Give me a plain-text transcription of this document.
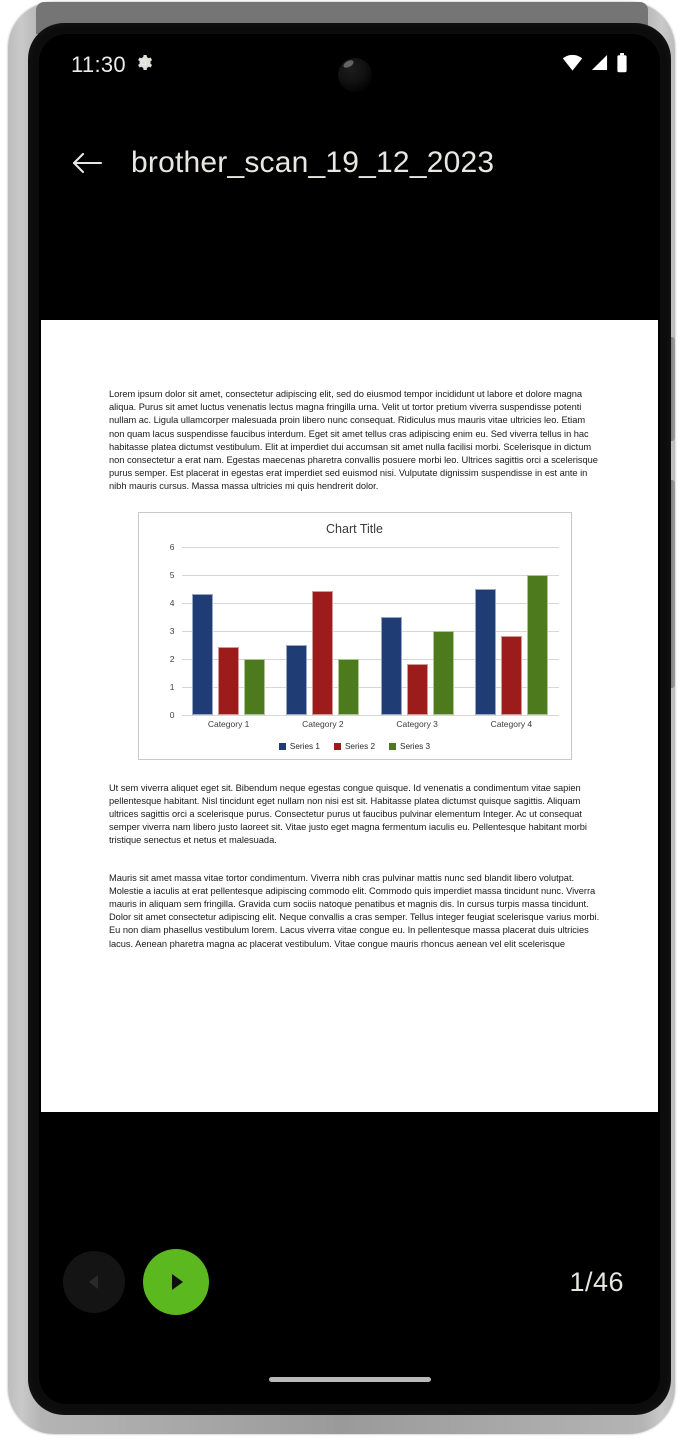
11:30
brother_scan_19_12_2023

Lorem ipsum dolor sit amet, consectetur adipiscing elit, sed do eiusmod tempor incididunt ut labore et dolore magna aliqua. Purus sit amet luctus venenatis lectus magna fringilla urna. Velit ut tortor pretium viverra suspendisse potenti nullam ac. Ligula ullamcorper malesuada proin libero nunc consequat. Ridiculus mus mauris vitae ultricies leo. Etiam non quam lacus suspendisse faucibus interdum. Eget sit amet tellus cras adipiscing enim eu. Sed viverra tellus in hac habitasse platea dictumst vestibulum. Elit at imperdiet dui accumsan sit amet nulla facilisi morbi. Scelerisque in dictum non consectetur a erat nam. Egestas maecenas pharetra convallis posuere morbi leo. Ultrices sagittis orci a scelerisque purus semper. Est placerat in egestas erat imperdiet sed euismod nisi. Vulputate dignissim suspendisse in est ante in nibh mauris cursus. Massa massa ultricies mi quis hendrerit dolor.

Chart Title
6
5
4
3
2
1
0
Category 1	Category 2	Category 3	Category 4
Series 1	Series 2	Series 3

Ut sem viverra aliquet eget sit. Bibendum neque egestas congue quisque. Id venenatis a condimentum vitae sapien pellentesque habitant. Nisl tincidunt eget nullam non nisi est sit. Habitasse platea dictumst quisque sagittis. Aliquam ultrices sagittis orci a scelerisque purus. Consectetur purus ut faucibus pulvinar elementum Integer. Ac ut consequat semper viverra nam libero justo laoreet sit. Vitae justo eget magna fermentum iaculis eu. Pellentesque habitant morbi tristique senectus et netus et malesuada.

Mauris sit amet massa vitae tortor condimentum. Viverra nibh cras pulvinar mattis nunc sed blandit libero volutpat. Molestie a iaculis at erat pellentesque adipiscing commodo elit. Commodo quis imperdiet massa tincidunt nunc. Viverra mauris in aliquam sem fringilla. Gravida cum sociis natoque penatibus et magnis dis. In cursus turpis massa tincidunt. Dolor sit amet consectetur adipiscing elit. Neque convallis a cras semper. Tellus integer feugiat scelerisque varius morbi. Eu non diam phasellus vestibulum lorem. Lacus viverra vitae congue eu. In pellentesque massa placerat duis ultricies lacus. Aenean pharetra magna ac placerat vestibulum. Vitae congue mauris rhoncus aenean vel elit scelerisque

1/46
